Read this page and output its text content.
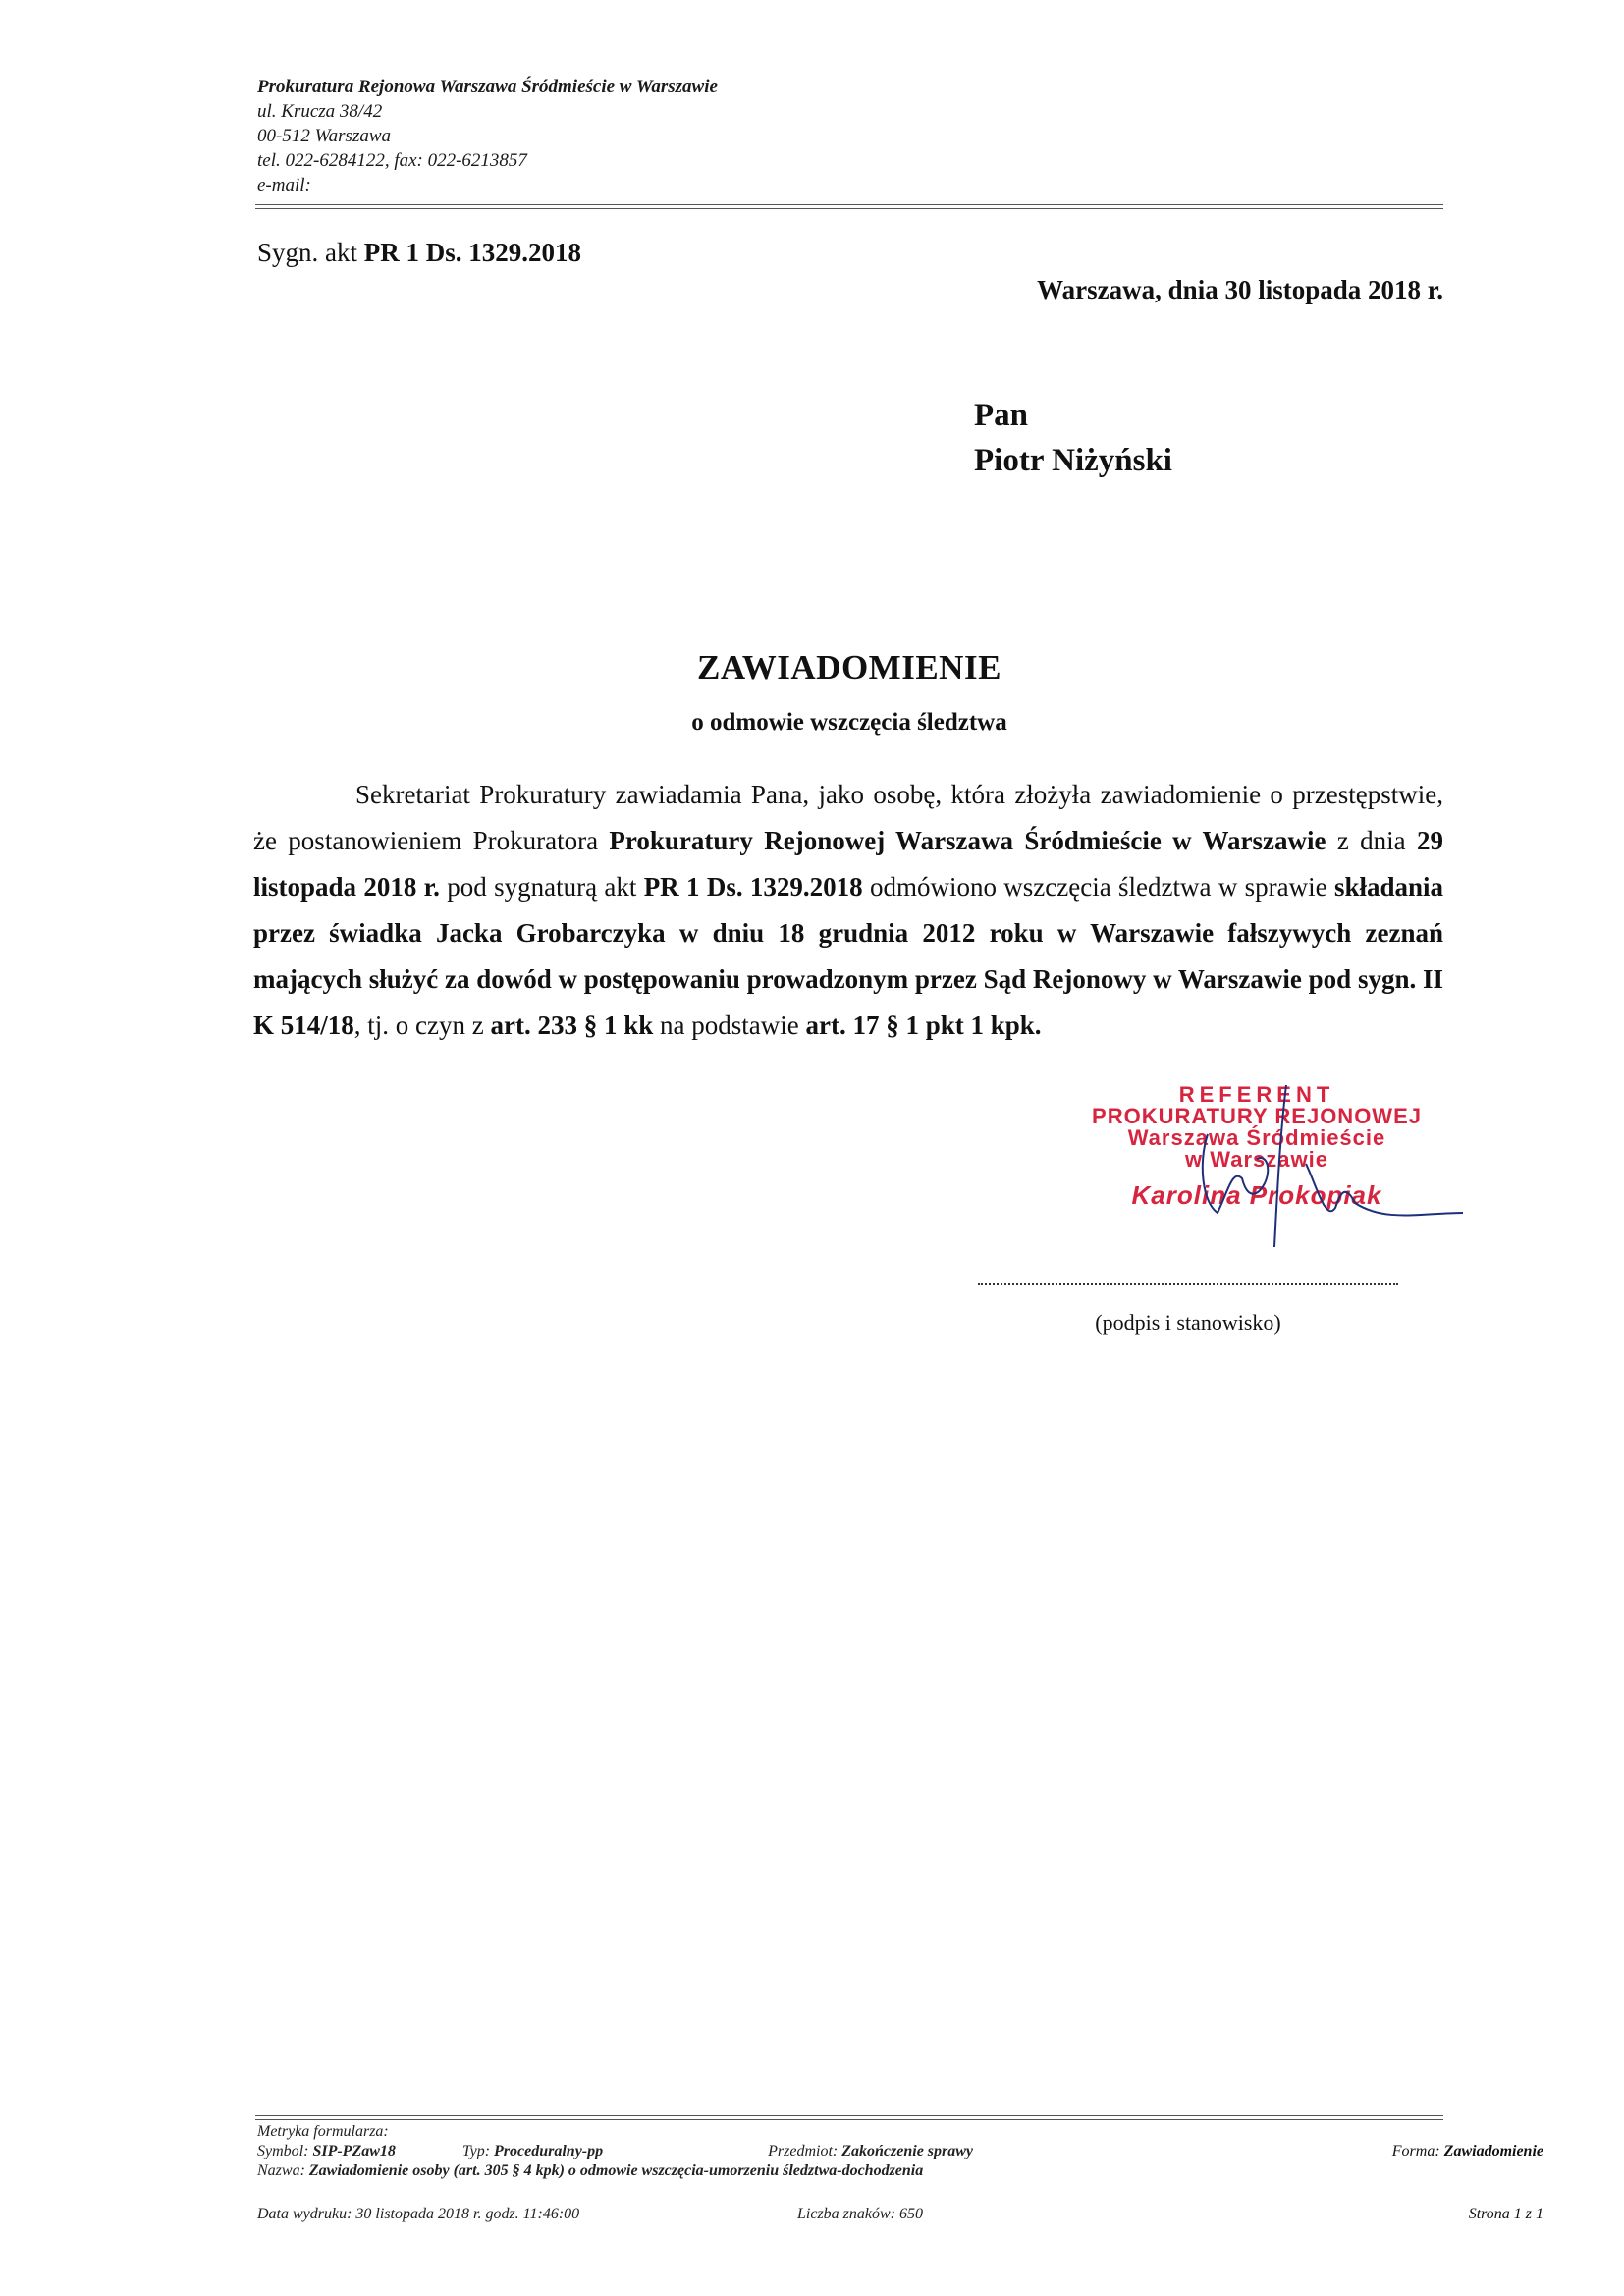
Prokuratura Rejonowa Warszawa Śródmieście w Warszawie
ul. Krucza 38/42
00-512 Warszawa
tel. 022-6284122, fax: 022-6213857
e-mail:
Sygn. akt PR 1 Ds. 1329.2018
Warszawa, dnia 30 listopada 2018 r.
Pan
Piotr Niżyński
ZAWIADOMIENIE
o odmowie wszczęcia śledztwa
Sekretariat Prokuratury zawiadamia Pana, jako osobę, która złożyła zawiadomienie o przestępstwie, że postanowieniem Prokuratora Prokuratury Rejonowej Warszawa Śródmieście w Warszawie z dnia 29 listopada 2018 r. pod sygnaturą akt PR 1 Ds. 1329.2018 odmówiono wszczęcia śledztwa w sprawie składania przez świadka Jacka Grobarczyka w dniu 18 grudnia 2012 roku w Warszawie fałszywych zeznań mających służyć za dowód w postępowaniu prowadzonym przez Sąd Rejonowy w Warszawie pod sygn. II K 514/18, tj. o czyn z art. 233 § 1 kk na podstawie art. 17 § 1 pkt 1 kpk.
REFERENT
PROKURATURY REJONOWEJ
Warszawa Śródmieście
w Warszawie
Karolina Prokopiak
(podpis i stanowisko)
Metryka formularza:
Symbol: SIP-PZaw18	Typ: Proceduralny-pp	Przedmiot: Zakończenie sprawy	Forma: Zawiadomienie
Nazwa: Zawiadomienie osoby (art. 305 § 4 kpk) o odmowie wszczęcia-umorzeniu śledztwa-dochodzenia
Data wydruku: 30 listopada 2018 r. godz. 11:46:00	Liczba znaków: 650	Strona 1 z 1
